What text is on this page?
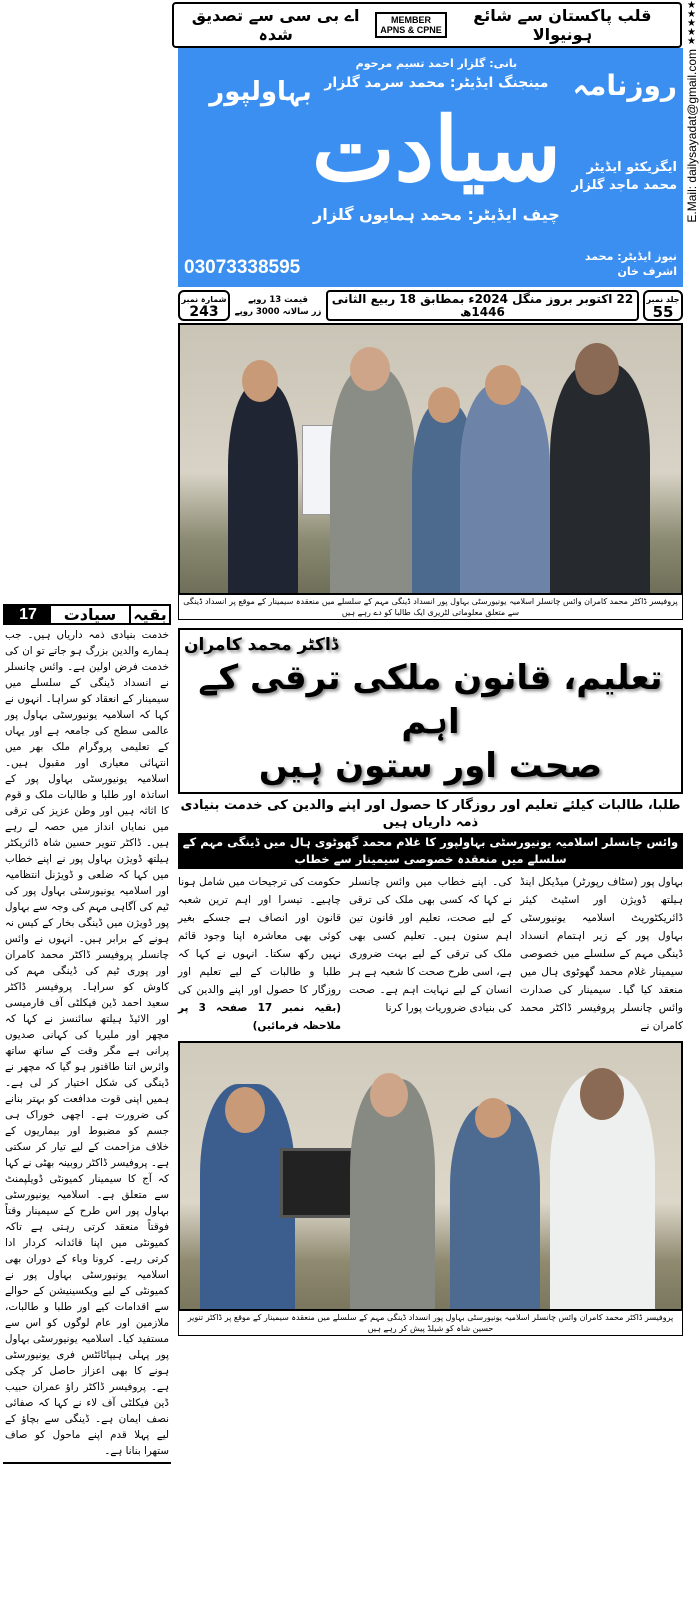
قلب پاکستان سے شائع ہونیوالا
MEMBER
APNS & CPNE
اے بی سی سے تصدیق شدہ
بہاولپور
03073338595
بانی: گلزار احمد تسیم مرحوم
مینجنگ ایڈیٹر: محمد سرمد گلزار
سیادت
چیف ایڈیٹر: محمد ہمایوں گلزار
روزنامہ
ایگزیکٹو ایڈیٹر
محمد ماجد گلزار
نیوز ایڈیٹر: محمد اشرف خان
★★★★★
E.Mail: dailysayadat@gmail.com
شمارہ نمبر
243
قیمت 13 روپے
زر سالانہ 3000 روپے
22 اکتوبر بروز منگل 2024ء بمطابق 18 ربیع الثانی 1446ھ
جلد نمبر
55
پروفیسر ڈاکٹر محمد کامران وائس چانسلر اسلامیہ یونیورسٹی بہاول پور انسداد ڈینگی مہم کے سلسلے میں منعقدہ سیمینار کے موقع پر انسداد ڈینگی سے متعلق معلوماتی لٹریری ایک طالبا کو دے رہے ہیں
ڈاکٹر محمد کامران
تعلیم، قانون ملکی ترقی کے اہم
صحت اور ستون ہیں
طلبا، طالبات کیلئے تعلیم اور روزگار کا حصول اور اپنے والدین کی خدمت بنیادی ذمہ داریاں ہیں
وائس چانسلر اسلامیہ یونیورسٹی بہاولپور کا غلام محمد گھوٹوی ہال میں ڈینگی مہم کے سلسلے میں منعقدہ خصوصی سیمینار سے خطاب
بہاول پور (سٹاف رپورٹر) میڈیکل اینڈ ہیلتھ ڈویژن اور اسٹیٹ کیئر ڈائریکٹوریٹ اسلامیہ یونیورسٹی بہاول پور کے زیر اہتمام انسداد ڈینگی مہم کے سلسلے میں خصوصی سیمینار غلام محمد گھوٹوی ہال میں منعقد کیا گیا۔ سیمینار کی صدارت وائس چانسلر پروفیسر ڈاکٹر محمد کامران نے
کی۔ اپنے خطاب میں وائس چانسلر نے کہا کہ کسی بھی ملک کی ترقی کے لیے صحت، تعلیم اور قانون تین اہم ستون ہیں۔ تعلیم کسی بھی ملک کی ترقی کے لیے بہت ضروری ہے، اسی طرح صحت کا شعبہ ہے ہر انسان کے لیے نہایت اہم ہے۔ صحت کی بنیادی ضروریات پورا کرنا
حکومت کی ترجیحات میں شامل ہونا چاہیے۔ تیسرا اور اہم ترین شعبہ قانون اور انصاف ہے جسکے بغیر کوئی بھی معاشرہ اپنا وجود قائم نہیں رکھ سکتا۔ انہوں نے کہا کہ طلبا و طالبات کے لیے تعلیم اور روزگار کا حصول اور اپنے والدین کی (بقیہ نمبر 17 صفحہ 3 پر ملاحظہ فرمائیں)
پروفیسر ڈاکٹر محمد کامران وائس چانسلر اسلامیہ یونیورسٹی بہاول پور انسداد ڈینگی مہم کے سلسلے میں منعقدہ سیمینار کے موقع پر ڈاکٹر تنویر حسین شاہ کو شیلڈ پیش کر رہے ہیں
بقیہ
سیادت
17
خدمت بنیادی ذمہ داریاں ہیں۔ جب ہمارے والدین بزرگ ہو جاتے تو ان کی خدمت فرض اولین ہے۔ وائس چانسلر نے انسداد ڈینگی کے سلسلے میں سیمینار کے انعقاد کو سراہا۔ انہوں نے کہا کہ اسلامیہ یونیورسٹی بہاول پور عالمی سطح کی جامعہ ہے اور یہاں کے تعلیمی پروگرام ملک بھر میں انتہائی معیاری اور مقبول ہیں۔ اسلامیہ یونیورسٹی بہاول پور کے اساتذہ اور طلبا و طالبات ملک و قوم کا اثاثہ ہیں اور وطن عزیز کی ترقی میں نمایاں انداز میں حصہ لے رہے ہیں۔ ڈاکٹر تنویر حسین شاہ ڈائریکٹر ہیلتھ ڈویژن بہاول پور نے اپنے خطاب میں کہا کہ ضلعی و ڈویژنل انتظامیہ اور اسلامیہ یونیورسٹی بہاول پور کی ٹیم کی آگاہی مہم کی وجہ سے بہاول پور ڈویژن میں ڈینگی بخار کے کیس نہ ہونے کے برابر ہیں۔ انہوں نے وائس چانسلر پروفیسر ڈاکٹر محمد کامران اور پوری ٹیم کی ڈینگی مہم کی کاوش کو سراہا۔ پروفیسر ڈاکٹر سعید احمد ڈین فیکلٹی آف فارمیسی اور الائیڈ ہیلتھ سائنسز نے کہا کہ مچھر اور ملیریا کی کہانی صدیوں پرانی ہے مگر وقت کے ساتھ ساتھ وائرس اتنا طاقتور ہو گیا کہ مچھر نے ڈینگی کی شکل اختیار کر لی ہے۔ ہمیں اپنی قوت مدافعت کو بہتر بنانے کی ضرورت ہے۔ اچھی خوراک ہی جسم کو مضبوط اور بیماریوں کے خلاف مزاحمت کے لیے تیار کر سکتی ہے۔ پروفیسر ڈاکٹر روبینہ بھٹی نے کہا کہ آج کا سیمینار کمیونٹی ڈویلپمنٹ سے متعلق ہے۔ اسلامیہ یونیورسٹی بہاول پور اس طرح کے سیمینار وقتاً فوقتاً منعقد کرتی رہتی ہے تاکہ کمیونٹی میں اپنا قائدانہ کردار ادا کرتی رہے۔ کرونا وباء کے دوران بھی اسلامیہ یونیورسٹی بہاول پور نے کمیونٹی کے لیے ویکسینیشن کے حوالے سے اقدامات کیے اور طلبا و طالبات، ملازمین اور عام لوگوں کو اس سے مستفید کیا۔ اسلامیہ یونیورسٹی بہاول پور پہلی ہیپاٹائٹس فری یونیورسٹی ہونے کا بھی اعزاز حاصل کر چکی ہے۔ پروفیسر ڈاکٹر راؤ عمران حبیب ڈین فیکلٹی آف لاء نے کہا کہ صفائی نصف ایمان ہے۔ ڈینگی سے بچاؤ کے لیے پہلا قدم اپنے ماحول کو صاف ستھرا بنانا ہے۔
